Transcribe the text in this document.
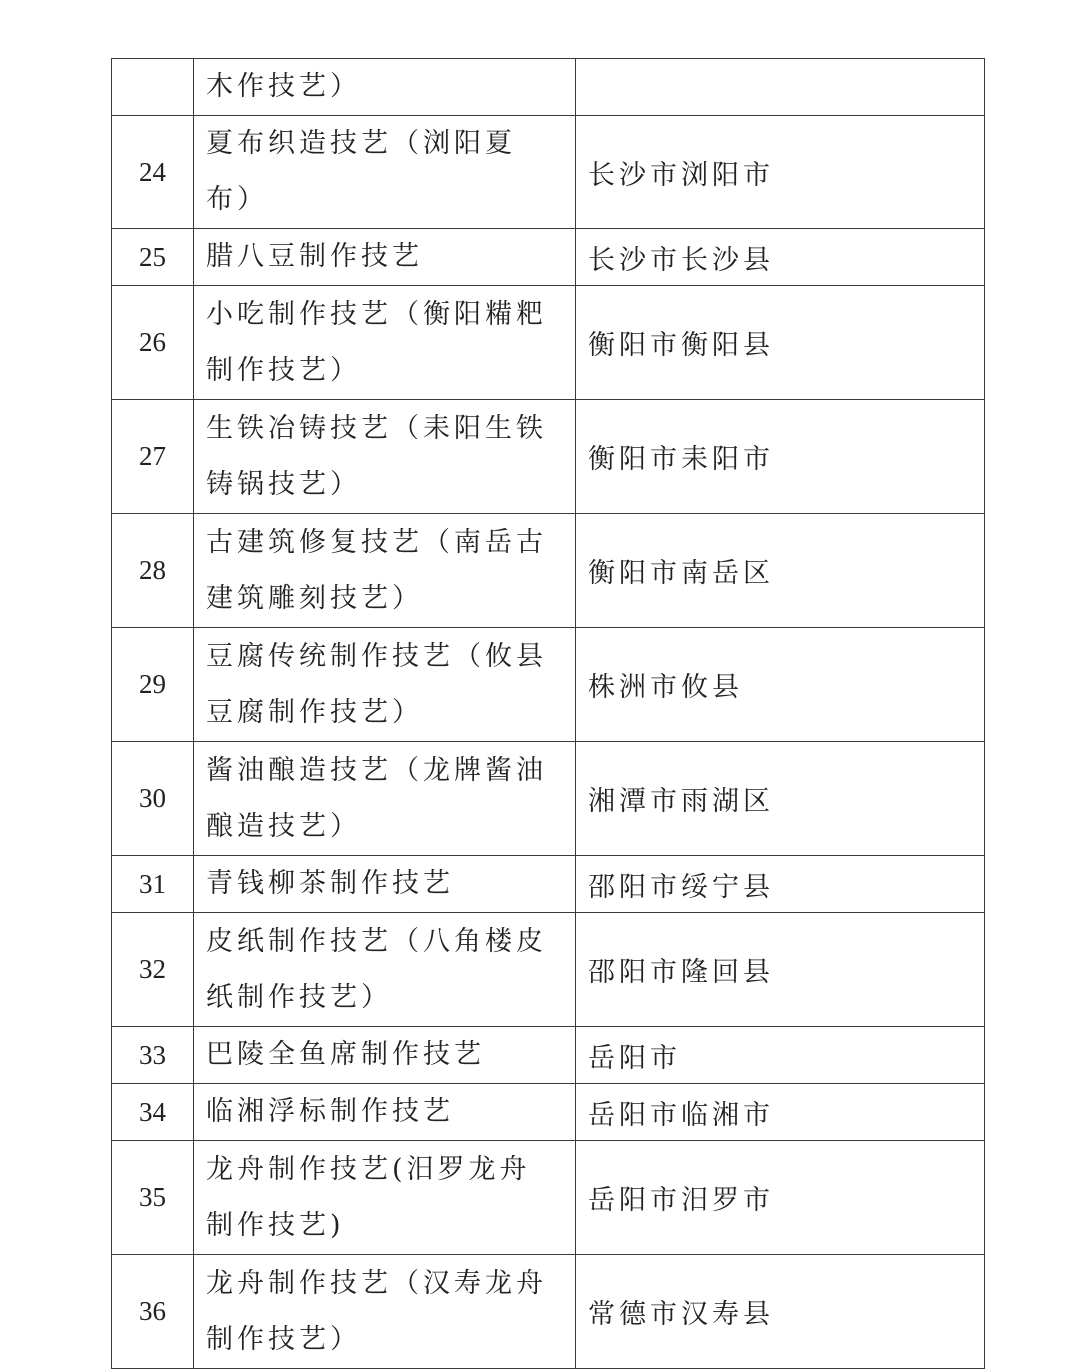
	木作技艺）	
24	夏布织造技艺（浏阳夏布）	长沙市浏阳市
25	腊八豆制作技艺	长沙市长沙县
26	小吃制作技艺（衡阳糒粑制作技艺）	衡阳市衡阳县
27	生铁冶铸技艺（耒阳生铁铸锅技艺）	衡阳市耒阳市
28	古建筑修复技艺（南岳古建筑雕刻技艺）	衡阳市南岳区
29	豆腐传统制作技艺（攸县豆腐制作技艺）	株洲市攸县
30	酱油酿造技艺（龙牌酱油酿造技艺）	湘潭市雨湖区
31	青钱柳茶制作技艺	邵阳市绥宁县
32	皮纸制作技艺（八角楼皮纸制作技艺）	邵阳市隆回县
33	巴陵全鱼席制作技艺	岳阳市
34	临湘浮标制作技艺	岳阳市临湘市
35	龙舟制作技艺(汨罗龙舟制作技艺)	岳阳市汨罗市
36	龙舟制作技艺（汉寿龙舟制作技艺）	常德市汉寿县
